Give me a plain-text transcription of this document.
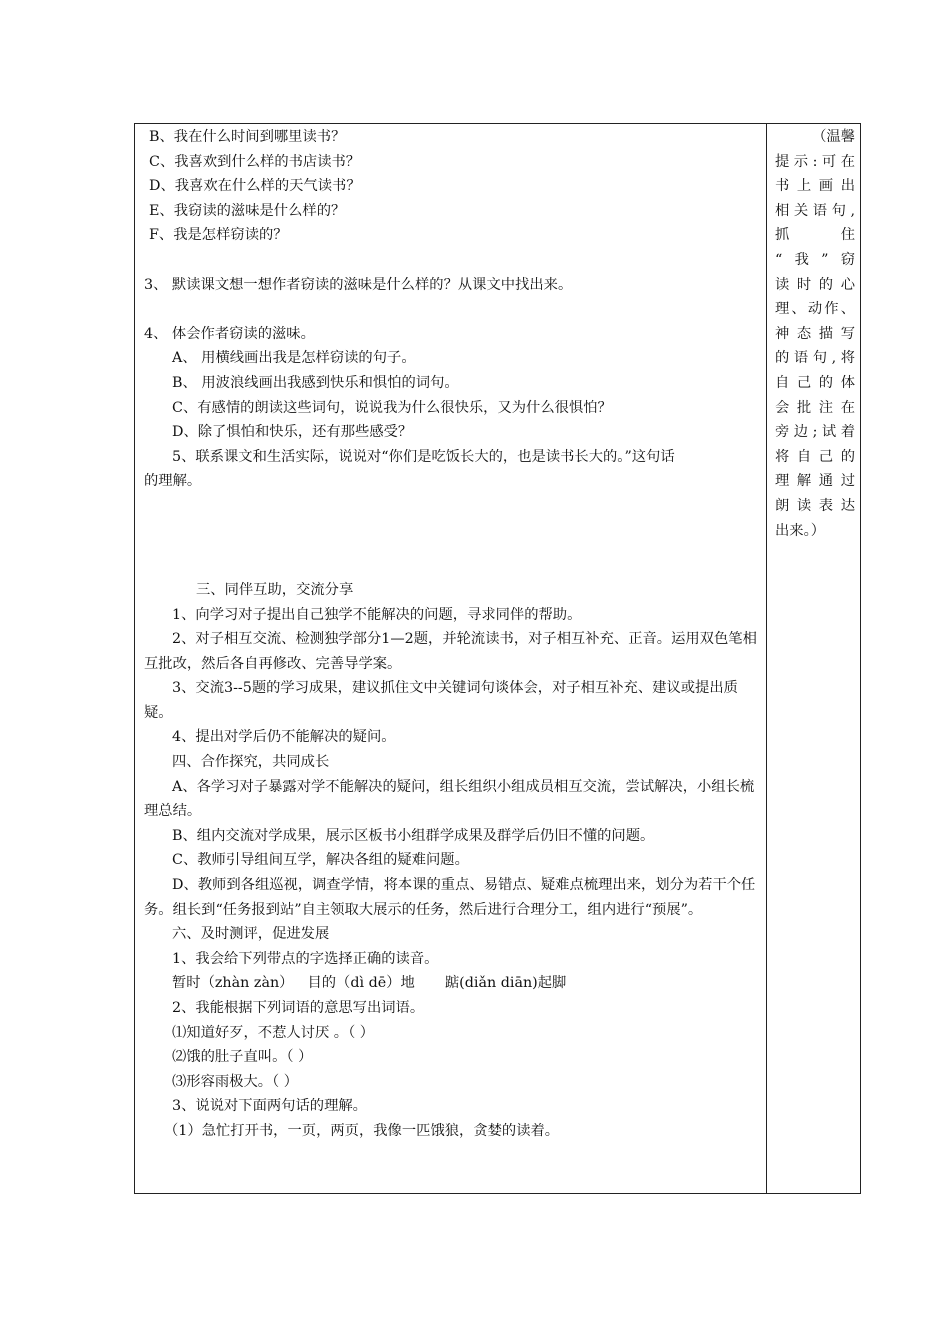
B、我在什么时间到哪里读书？
C、我喜欢到什么样的书店读书？
D、我喜欢在什么样的天气读书？
E、我窃读的滋味是什么样的？
F、我是怎样窃读的？
3、 默读课文想一想作者窃读的滋味是什么样的？从课文中找出来。
4、 体会作者窃读的滋味。
A、 用横线画出我是怎样窃读的句子。
B、 用波浪线画出我感到快乐和惧怕的词句。
C、有感情的朗读这些词句，说说我为什么很快乐，又为什么很惧怕？
D、除了惧怕和快乐，还有那些感受？
5、联系课文和生活实际，说说对“你们是吃饭长大的，也是读书长大的。”这句话
的理解。
三、同伴互助，交流分享
1、向学习对子提出自己独学不能解决的问题，寻求同伴的帮助。
2、对子相互交流、检测独学部分1—2题，并轮流读书，对子相互补充、正音。运用双色笔相互批改，然后各自再修改、完善导学案。
3、交流3--5题的学习成果，建议抓住文中关键词句谈体会，对子相互补充、建议或提出质疑。
4、提出对学后仍不能解决的疑问。
四、合作探究，共同成长
A、各学习对子暴露对学不能解决的疑问，组长组织小组成员相互交流，尝试解决，小组长梳理总结。
B、组内交流对学成果，展示区板书小组群学成果及群学后仍旧不懂的问题。
C、教师引导组间互学，解决各组的疑难问题。
D、教师到各组巡视，调查学情，将本课的重点、易错点、疑难点梳理出来，划分为若干个任务。组长到“任务报到站”自主领取大展示的任务，然后进行合理分工，组内进行“预展”。
六、及时测评，促进发展
1、我会给下列带点的字选择正确的读音。
暂时（zhàn zàn） 目的（dì dē）地 踮(diǎn diān)起脚
2、我能根据下列词语的意思写出词语。
⑴知道好歹，不惹人讨厌 。（ ）
⑵饿的肚子直叫。（ ）
⑶形容雨极大。（ ）
3、说说对下面两句话的理解。
（1）急忙打开书，一页，两页，我像一匹饿狼，贪婪的读着。
（温馨
提示:可在
书上画出
相关语句,
抓    住
“我”窃
读时的心
理、动作、
神态描写
的语句,将
自己的体
会批注在
旁边;试着
将自己的
理解通过
朗读表达
出来。）
